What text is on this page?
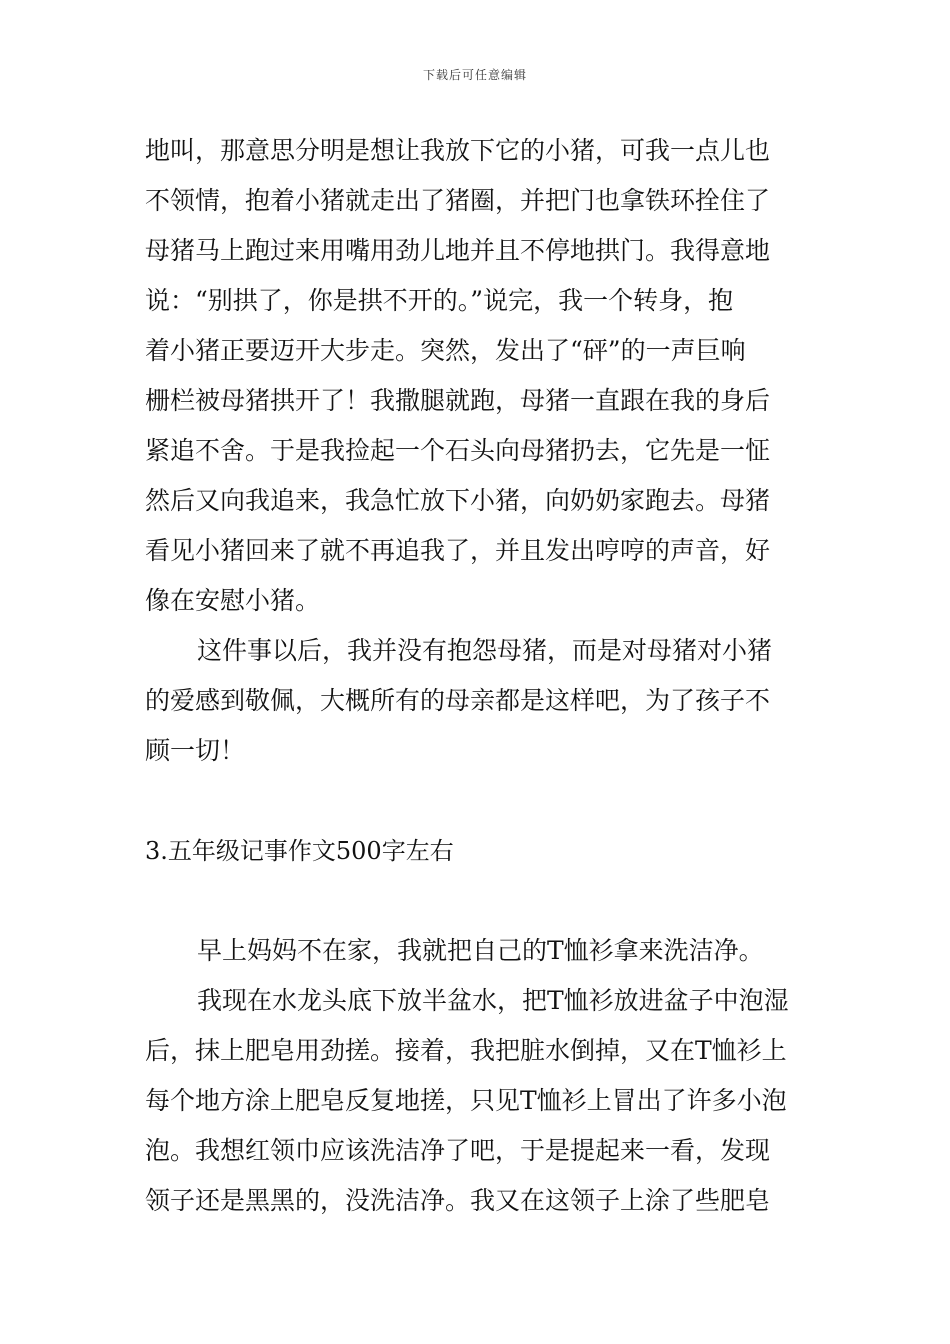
下载后可任意编辑
地叫，那意思分明是想让我放下它的小猪，可我一点儿也
不领情，抱着小猪就走出了猪圈，并把门也拿铁环拴住了
母猪马上跑过来用嘴用劲儿地并且不停地拱门。我得意地
说：“别拱了，你是拱不开的。”说完，我一个转身，抱
着小猪正要迈开大步走。突然，发出了“砰”的一声巨响
栅栏被母猪拱开了！我撒腿就跑，母猪一直跟在我的身后
紧追不舍。于是我捡起一个石头向母猪扔去，它先是一怔
然后又向我追来，我急忙放下小猪，向奶奶家跑去。母猪
看见小猪回来了就不再追我了，并且发出哼哼的声音，好
像在安慰小猪。
这件事以后，我并没有抱怨母猪，而是对母猪对小猪
的爱感到敬佩，大概所有的母亲都是这样吧，为了孩子不
顾一切！
3.五年级记事作文500字左右
早上妈妈不在家，我就把自己的T恤衫拿来洗洁净。
我现在水龙头底下放半盆水，把T恤衫放进盆子中泡湿
后，抹上肥皂用劲搓。接着，我把脏水倒掉，又在T恤衫上
每个地方涂上肥皂反复地搓，只见T恤衫上冒出了许多小泡
泡。我想红领巾应该洗洁净了吧，于是提起来一看，发现
领子还是黑黑的，没洗洁净。我又在这领子上涂了些肥皂
